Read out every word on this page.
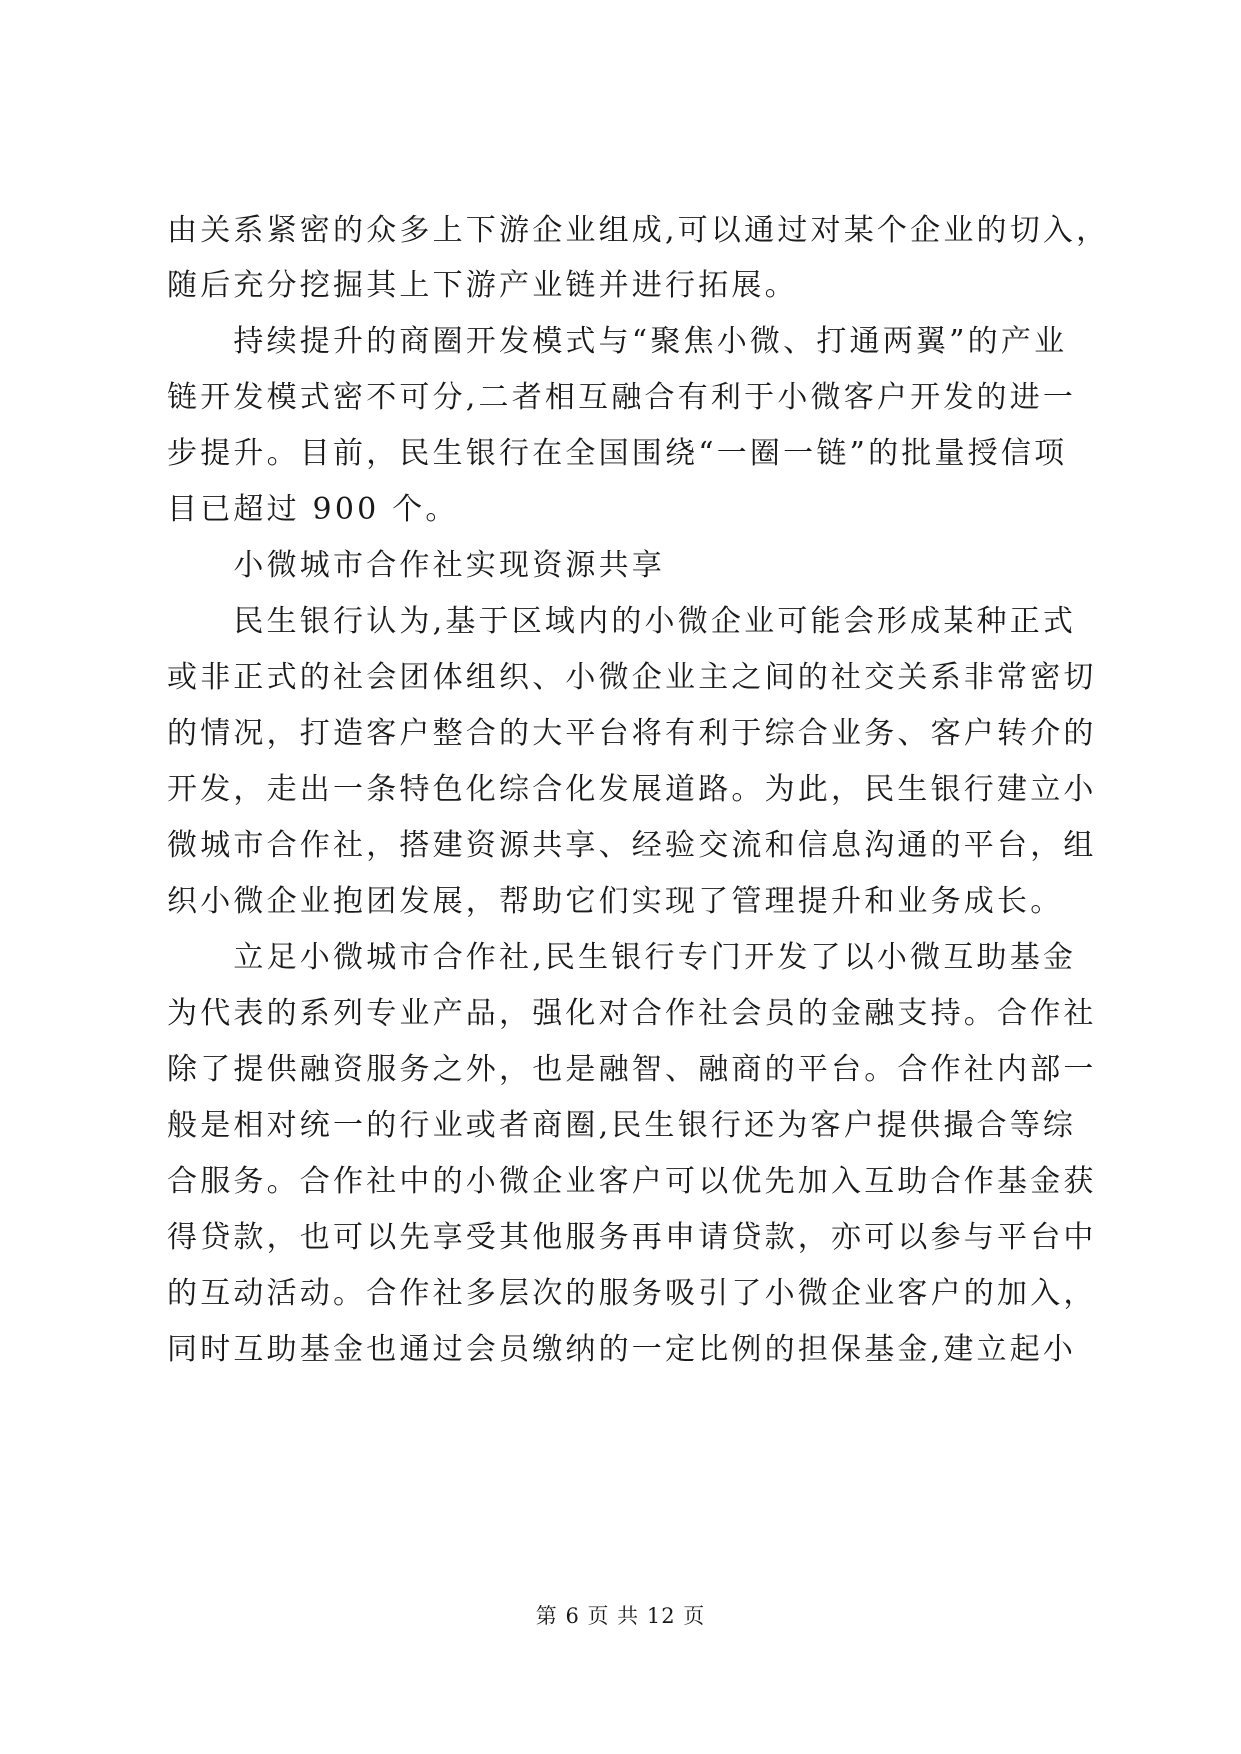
由关系紧密的众多上下游企业组成,可以通过对某个企业的切入，
随后充分挖掘其上下游产业链并进行拓展。
　　持续提升的商圈开发模式与“聚焦小微、打通两翼”的产业
链开发模式密不可分,二者相互融合有利于小微客户开发的进一
步提升。目前，民生银行在全国围绕“一圈一链”的批量授信项
目已超过 900 个。
　　小微城市合作社实现资源共享
　　民生银行认为,基于区域内的小微企业可能会形成某种正式
或非正式的社会团体组织、小微企业主之间的社交关系非常密切
的情况，打造客户整合的大平台将有利于综合业务、客户转介的
开发，走出一条特色化综合化发展道路。为此，民生银行建立小
微城市合作社，搭建资源共享、经验交流和信息沟通的平台，组
织小微企业抱团发展，帮助它们实现了管理提升和业务成长。
　　立足小微城市合作社,民生银行专门开发了以小微互助基金
为代表的系列专业产品，强化对合作社会员的金融支持。合作社
除了提供融资服务之外，也是融智、融商的平台。合作社内部一
般是相对统一的行业或者商圈,民生银行还为客户提供撮合等综
合服务。合作社中的小微企业客户可以优先加入互助合作基金获
得贷款，也可以先享受其他服务再申请贷款，亦可以参与平台中
的互动活动。合作社多层次的服务吸引了小微企业客户的加入，
同时互助基金也通过会员缴纳的一定比例的担保基金,建立起小
第 6 页 共 12 页
